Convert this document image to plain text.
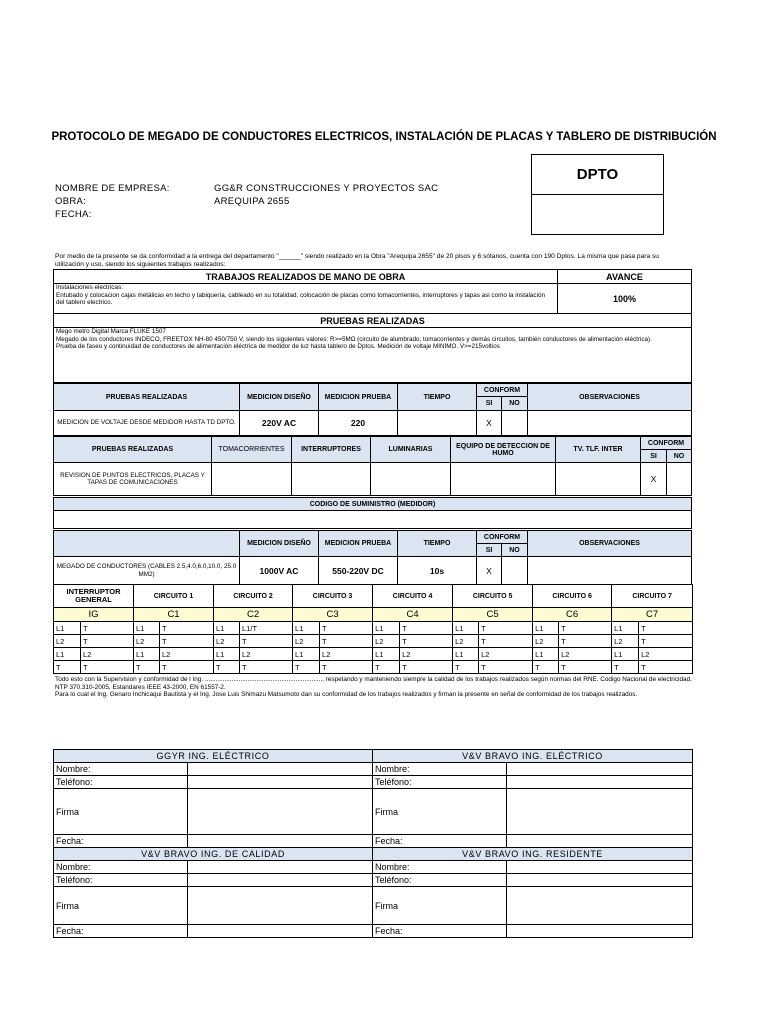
PROTOCOLO DE MEGADO DE CONDUCTORES ELECTRICOS, INSTALACIÓN DE PLACAS Y TABLERO DE DISTRIBUCIÓN
DPTO
NOMBRE DE EMPRESA:	GG&R CONSTRUCCIONES Y PROYECTOS SAC
OBRA:	AREQUIPA 2655
FECHA:
Por medio de la presente se da conformidad a la entrega del departamento "______" siendo realizado en la Obra "Arequipa 2655" de 20 pisos y 6 sótanos, cuenta con 190 Dptos. La misma que pasa para su utilización y uso, siendo los siguientes trabajos realizados:
TRABAJOS REALIZADOS DE MANO DE OBRA	AVANCE
Instalaciones electricas:
Entubado y colocacion cajas metálicas en techo y tabiquería, cableado en su totalidad, colocación de placas como tomacorrientes, interruptores y tapas asi como la instalación del tablero electrico.	100%
PRUEBAS REALIZADAS	
Mego metro Digital Marca FLUKE 1507
Megado de los conductores INDECO, FREETOX NH-80 450/750 V, siendo los siguientes valores: R>=5MΩ (circuito de alumbrado, tomacorrientes y demás circuitos, también conductores de alimentación eléctrica).
Prueba de faseo y continuidad de conductores de alimentación eléctrica de medidor de luz hasta tablero de Dptos. Medición de voltaje MINIMO. V>=215voltios	
PRUEBAS REALIZADAS	MEDICION DISEÑO	MEDICION PRUEBA	TIEMPO	CONFORM		OBSERVACIONES
				SI	NO	
MEDICION DE VOLTAJE DESDE MEDIDOR HASTA TD DPTO.	220V AC	220		X		
PRUEBAS REALIZADAS	TOMACORRIENTES	INTERRUPTORES	LUMINARIAS	EQUIPO DE DETECCION DE HUMO	TV. TLF. INTER	CONFORM	
						SI	NO
REVISION DE PUNTOS ELECTRICOS, PLACAS Y TAPAS DE COMUNICACIONES						X	
CODIGO DE SUMINISTRO (MEDIDOR)

	MEDICION DISEÑO	MEDICION PRUEBA	TIEMPO	CONFORM		OBSERVACIONES
				SI	NO	
MEGADO DE CONDUCTORES (CABLES 2.5,4.0,6.0,10.0, 25.0 MM2)	1000V AC	550-220V DC	10s	X		
INTERRUPTOR GENERAL		CIRCUITO 1		CIRCUITO 2		CIRCUITO 3		CIRCUITO 4		CIRCUITO 5		CIRCUITO 6		CIRCUITO 7	
IG		C1		C2		C3		C4		C5		C6		C7	
L1	T	L1	T	L1	L1/T	L1	T	L1	T	L1	T	L1	T	L1	T
L2	T	L2	T	L2	T	L2	T	L2	T	L2	T	L2	T	L2	T
L1	L2	L1	L2	L1	L2	L1	L2	L1	L2	L1	L2	L1	L2	L1	L2
T	T	T	T	T	T	T	T	T	T	T	T	T	T	T	T
Todo esto con la Supervision y conformidad de l Ing. .................................................................., respetando y manteniendo siempre la calidad de los trabajos realizados según normas del RNE. Codigo Nacional de electricidad, NTP 370.310-2005, Estandares IEEE 43-2000, EN 61557-2.
Para lo cual el Ing. Genaro Inchicaqui Bautista y el Ing. Jose Luis Shimazu Matsumoto dan su conformidad de los trabajos realizados y firman la presente en señal de conformidad de los trabajos realizados.
GGYR ING. ELÉCTRICO		V&V BRAVO ING. ELÉCTRICO	
Nombre:		Nombre:	
Teléfono:		Teléfono:	
Firma		Firma	
Fecha:		Fecha:	
V&V BRAVO ING. DE CALIDAD		V&V BRAVO ING. RESIDENTE	
Nombre:		Nombre:	
Teléfono:		Teléfono:	
Firma		Firma	
Fecha:		Fecha:	
